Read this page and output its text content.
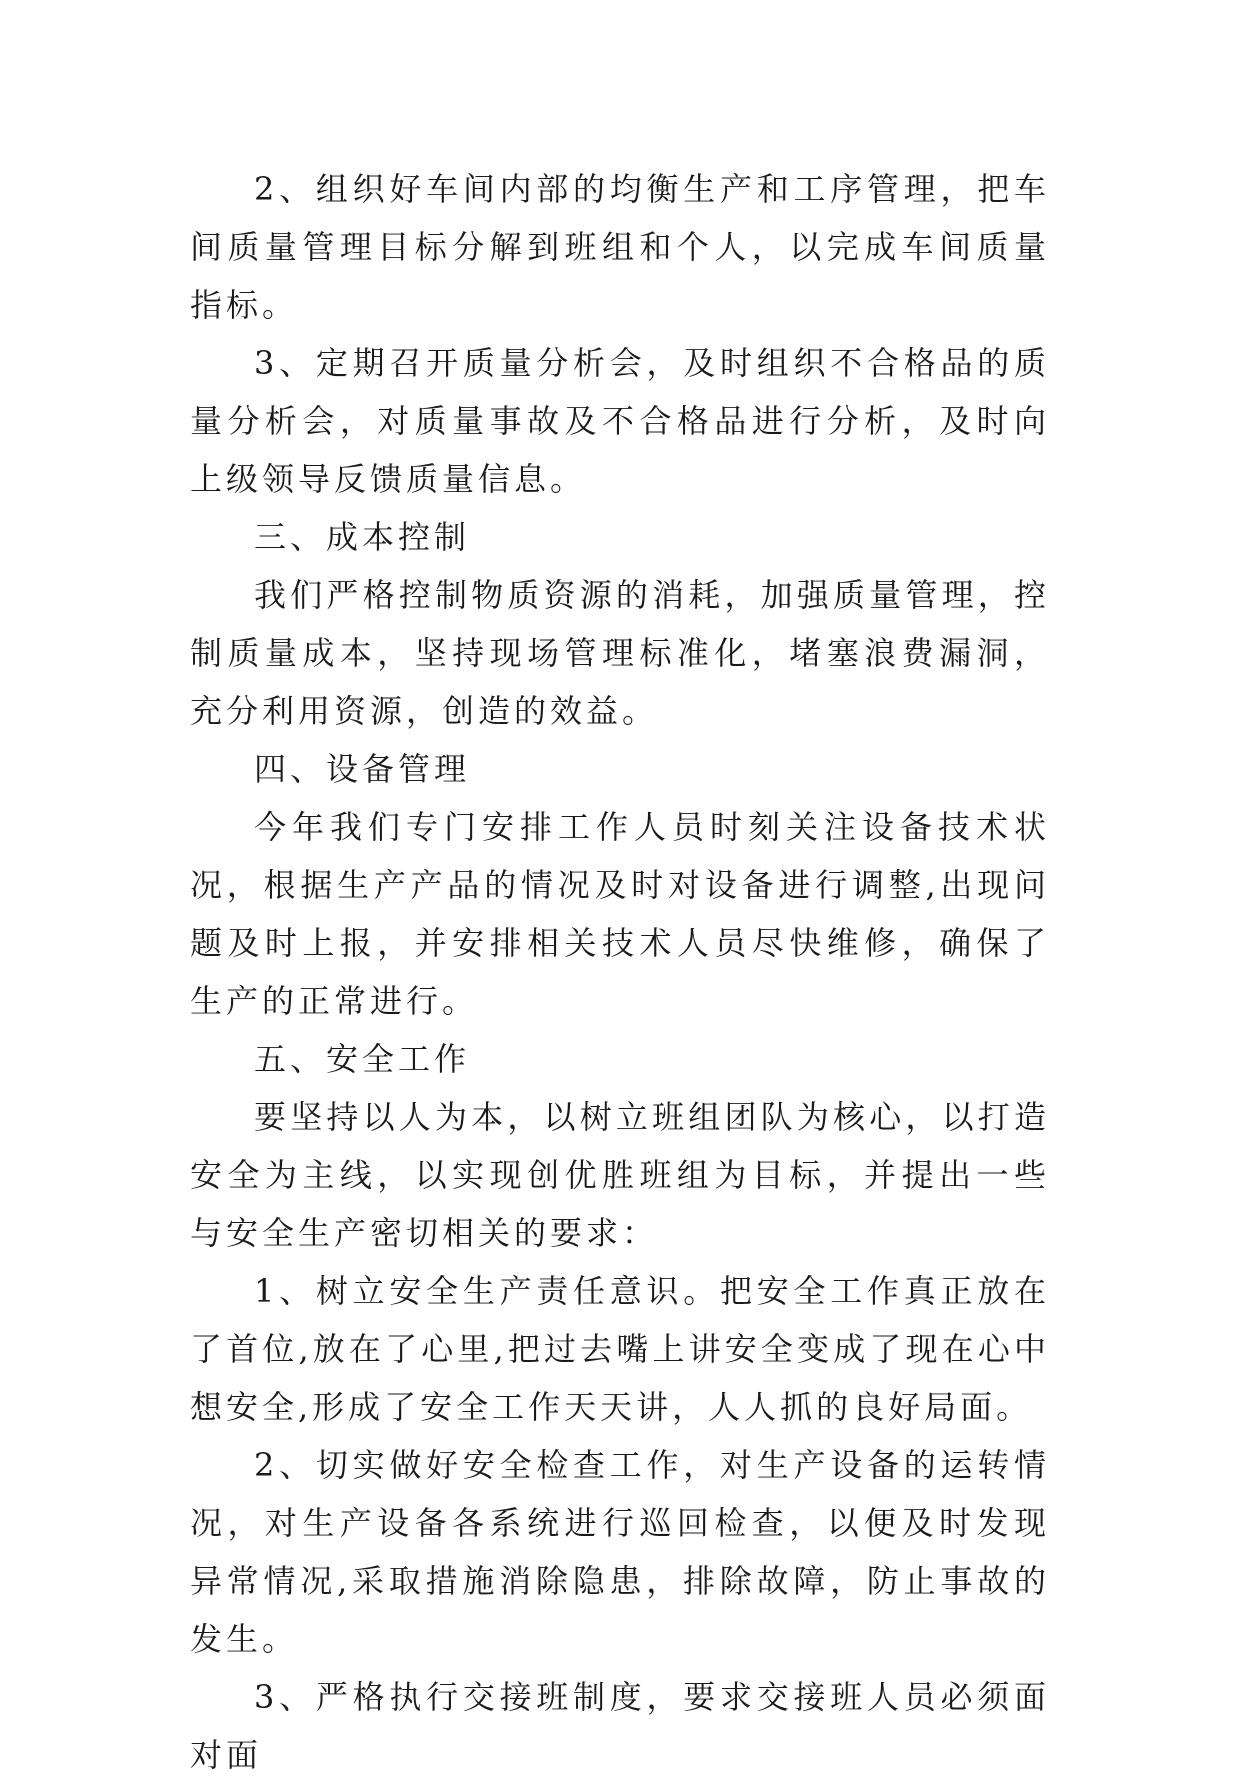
2、组织好车间内部的均衡生产和工序管理，把车间质量管理目标分解到班组和个人，以完成车间质量指标。

3、定期召开质量分析会，及时组织不合格品的质量分析会，对质量事故及不合格品进行分析，及时向上级领导反馈质量信息。

三、成本控制

我们严格控制物质资源的消耗，加强质量管理，控制质量成本，坚持现场管理标准化，堵塞浪费漏洞，充分利用资源，创造的效益。

四、设备管理

今年我们专门安排工作人员时刻关注设备技术状况，根据生产产品的情况及时对设备进行调整,出现问题及时上报，并安排相关技术人员尽快维修，确保了生产的正常进行。

五、安全工作

要坚持以人为本，以树立班组团队为核心，以打造安全为主线，以实现创优胜班组为目标，并提出一些与安全生产密切相关的要求：

1、树立安全生产责任意识。把安全工作真正放在了首位,放在了心里,把过去嘴上讲安全变成了现在心中想安全,形成了安全工作天天讲，人人抓的良好局面。

2、切实做好安全检查工作，对生产设备的运转情况，对生产设备各系统进行巡回检查，以便及时发现异常情况,采取措施消除隐患，排除故障，防止事故的发生。

3、严格执行交接班制度，要求交接班人员必须面对面
